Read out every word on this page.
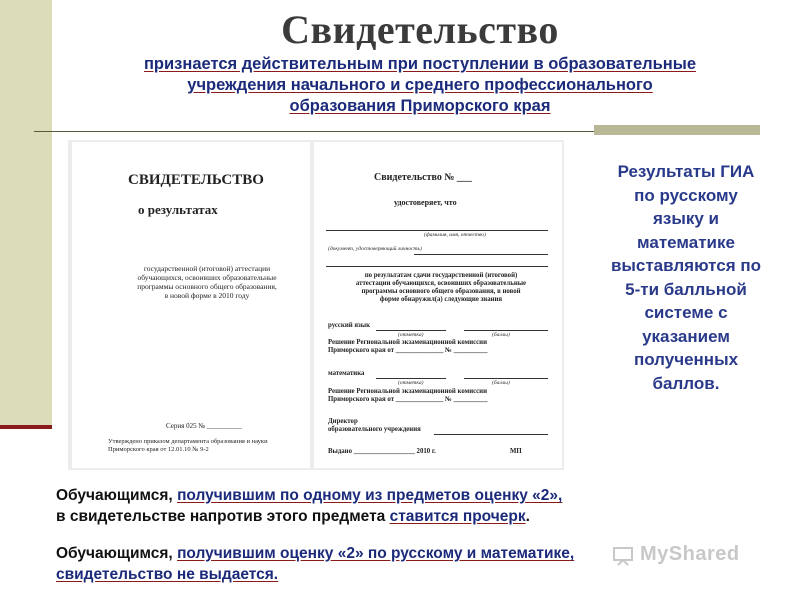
Свидетельство
признается действительным при поступлении в образовательные
учреждения начального и среднего профессионального
образования Приморского края
СВИДЕТЕЛЬСТВО
о результатах
государственной (итоговой) аттестации
обучающихся, освоивших образовательные
программы основного общего образования,
в новой форме в 2010 году
Серия 025 № __________
Утверждено приказом департамента образования и науки
Приморского края от 12.01.10 № 9-2
Свидетельство № ___
удостоверяет, что
(фамилия, имя, отчество)
(документ, удостоверяющий личность)
по результатам сдачи государственной (итоговой)
аттестации обучающихся, освоивших образовательные
программы основного общего образования, в новой
форме обнаружил(а) следующие знания
русский язык
(отметка)	(баллы)
Решение Региональной экзаменационной комиссии
Приморского края от ______________ № __________
математика
(отметка)	(баллы)
Решение Региональной экзаменационной комиссии
Приморского края от ______________ № __________
Директор
образовательного учреждения
Выдано __________________ 2010 г.	МП
Результаты ГИА
по русскому
языку и
математике
выставляются по
5-ти балльной
системе с
указанием
полученных
баллов.
Обучающимся, получившим по одному из предметов оценку «2»,
в свидетельстве напротив этого предмета ставится прочерк.
Обучающимся, получившим оценку «2» по русскому и математике,
свидетельство не выдается.
MyShared
